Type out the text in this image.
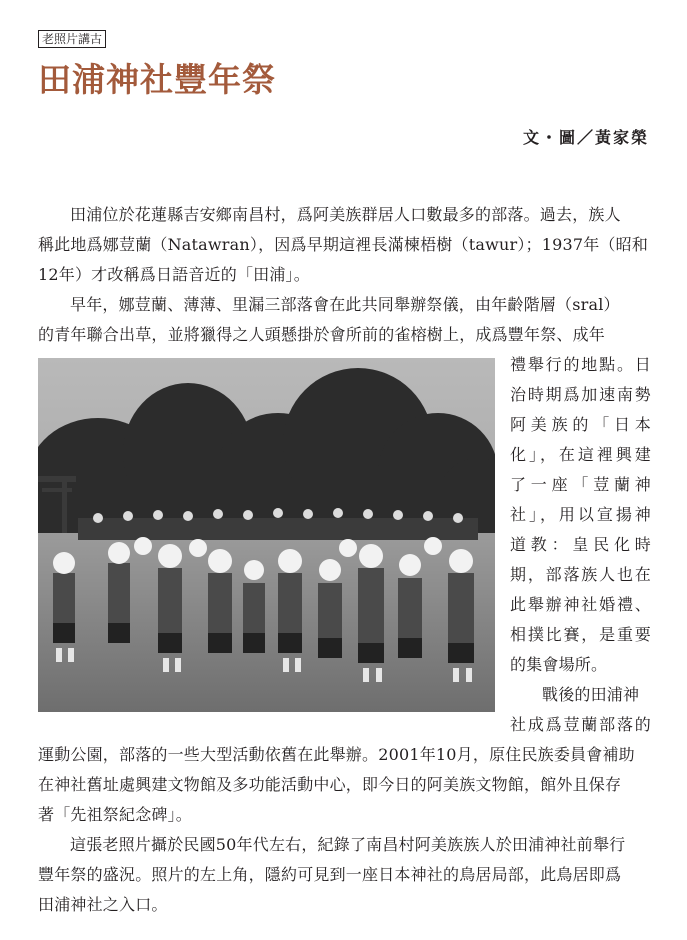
老照片講古
田浦神社豐年祭
文・圖／黃家榮
田浦位於花蓮縣吉安鄉南昌村，爲阿美族群居人口數最多的部落。過去，族人
稱此地爲娜荳蘭（Natawran），因爲早期這裡長滿楝梧樹（tawur）；1937年（昭和
12年）才改稱爲日語音近的「田浦」。
早年，娜荳蘭、薄薄、里漏三部落會在此共同舉辦祭儀，由年齡階層（sral）
的青年聯合出草，並將獵得之人頭懸掛於會所前的雀榕樹上，成爲豐年祭、成年
禮舉行的地點。日
治時期爲加速南勢
阿美族的「日本
化」，在這裡興建
了一座「荳蘭神
社」，用以宣揚神
道教：皇民化時
期，部落族人也在
此舉辦神社婚禮、
相撲比賽，是重要
的集會場所。
戰後的田浦神
社成爲荳蘭部落的
運動公園，部落的一些大型活動依舊在此舉辦。2001年10月，原住民族委員會補助
在神社舊址處興建文物館及多功能活動中心，即今日的阿美族文物館，館外且保存
著「先祖祭紀念碑」。
這張老照片攝於民國50年代左右，紀錄了南昌村阿美族族人於田浦神社前舉行
豐年祭的盛況。照片的左上角，隱約可見到一座日本神社的鳥居局部，此鳥居即爲
田浦神社之入口。
